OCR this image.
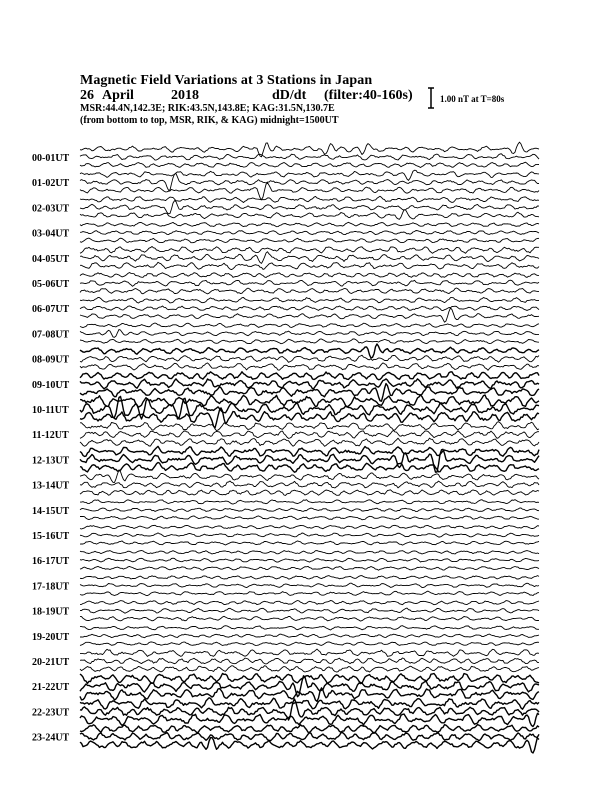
Magnetic Field Variations at 3 Stations in Japan
26 April	2018	dD/dt (filter:40-160s)
MSR:44.4N,142.3E; RIK:43.5N,143.8E; KAG:31.5N,130.7E
(from bottom to top, MSR, RIK, & KAG) midnight=1500UT
1.00 nT at T=80s
00-01UT
01-02UT
02-03UT
03-04UT
04-05UT
05-06UT
06-07UT
07-08UT
08-09UT
09-10UT
10-11UT
11-12UT
12-13UT
13-14UT
14-15UT
15-16UT
16-17UT
17-18UT
18-19UT
19-20UT
20-21UT
21-22UT
22-23UT
23-24UT
